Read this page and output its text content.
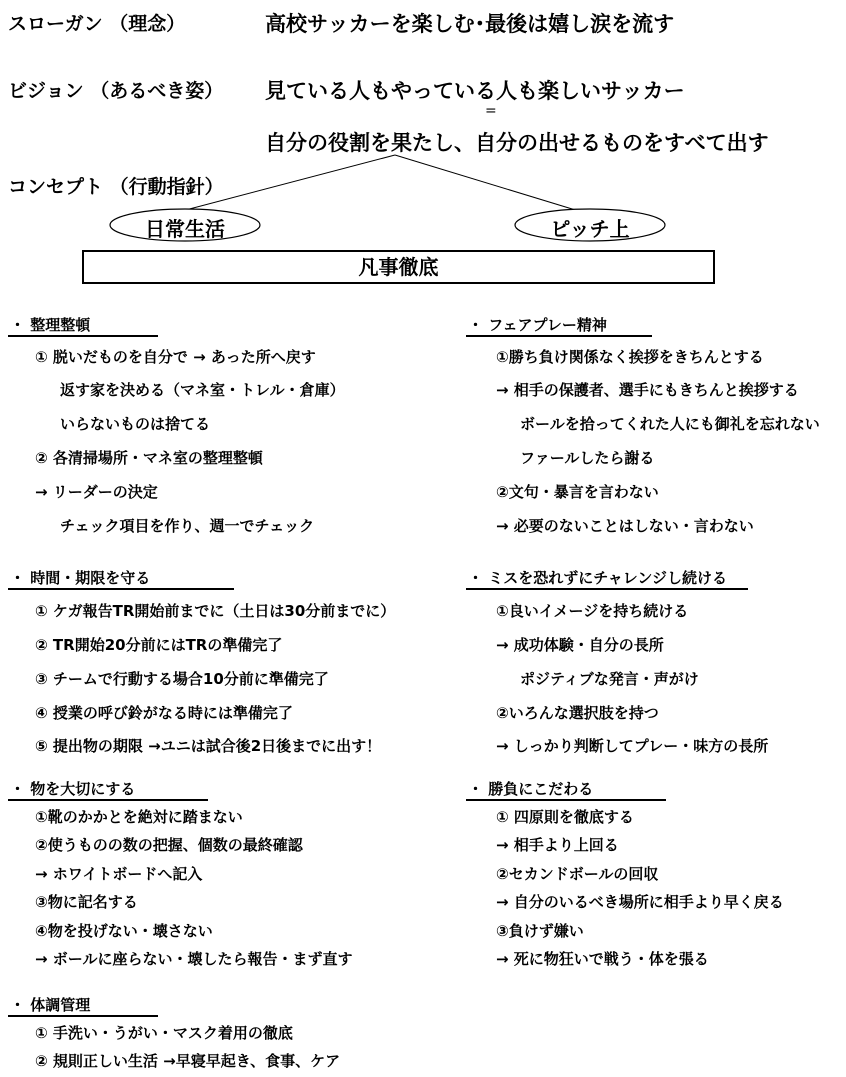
スローガン （理念）	高校サッカーを楽しむ･最後は嬉し涙を流す
ビジョン （あるべき姿） 見ている人もやっている人も楽しいサッカー
=
自分の役割を果たし、自分の出せるものをすべて出す
コンセプト （行動指針）
日常生活	ピッチ上
凡事徹底
・ 整理整頓
① 脱いだものを自分で → あった所へ戻す
返す家を決める（マネ室・トレル・倉庫）
いらないものは捨てる
② 各清掃場所・マネ室の整理整頓
→ リーダーの決定
チェック項目を作り、週一でチェック
・ フェアプレー精神
①勝ち負け関係なく挨拶をきちんとする
→ 相手の保護者、選手にもきちんと挨拶する
ボールを拾ってくれた人にも御礼を忘れない
ファールしたら謝る
②文句・暴言を言わない
→ 必要のないことはしない・言わない
・ 時間・期限を守る
① ケガ報告TR開始前までに（土日は30分前までに）
② TR開始20分前にはTRの準備完了
③ チームで行動する場合10分前に準備完了
④ 授業の呼び鈴がなる時には準備完了
⑤ 提出物の期限 →ユニは試合後2日後までに出す！
・ ミスを恐れずにチャレンジし続ける
①良いイメージを持ち続ける
→ 成功体験・自分の長所
ポジティブな発言・声がけ
②いろんな選択肢を持つ
→ しっかり判断してプレー・味方の長所
・ 物を大切にする
①靴のかかとを絶対に踏まない
②使うものの数の把握、個数の最終確認
→ ホワイトボードへ記入
③物に記名する
④物を投げない・壊さない
→ ボールに座らない・壊したら報告・まず直す
・ 勝負にこだわる
① 四原則を徹底する
→ 相手より上回る
②セカンドボールの回収
→ 自分のいるべき場所に相手より早く戻る
③負けず嫌い
→ 死に物狂いで戦う・体を張る
・ 体調管理
① 手洗い・うがい・マスク着用の徹底
② 規則正しい生活 →早寝早起き、食事、ケア
